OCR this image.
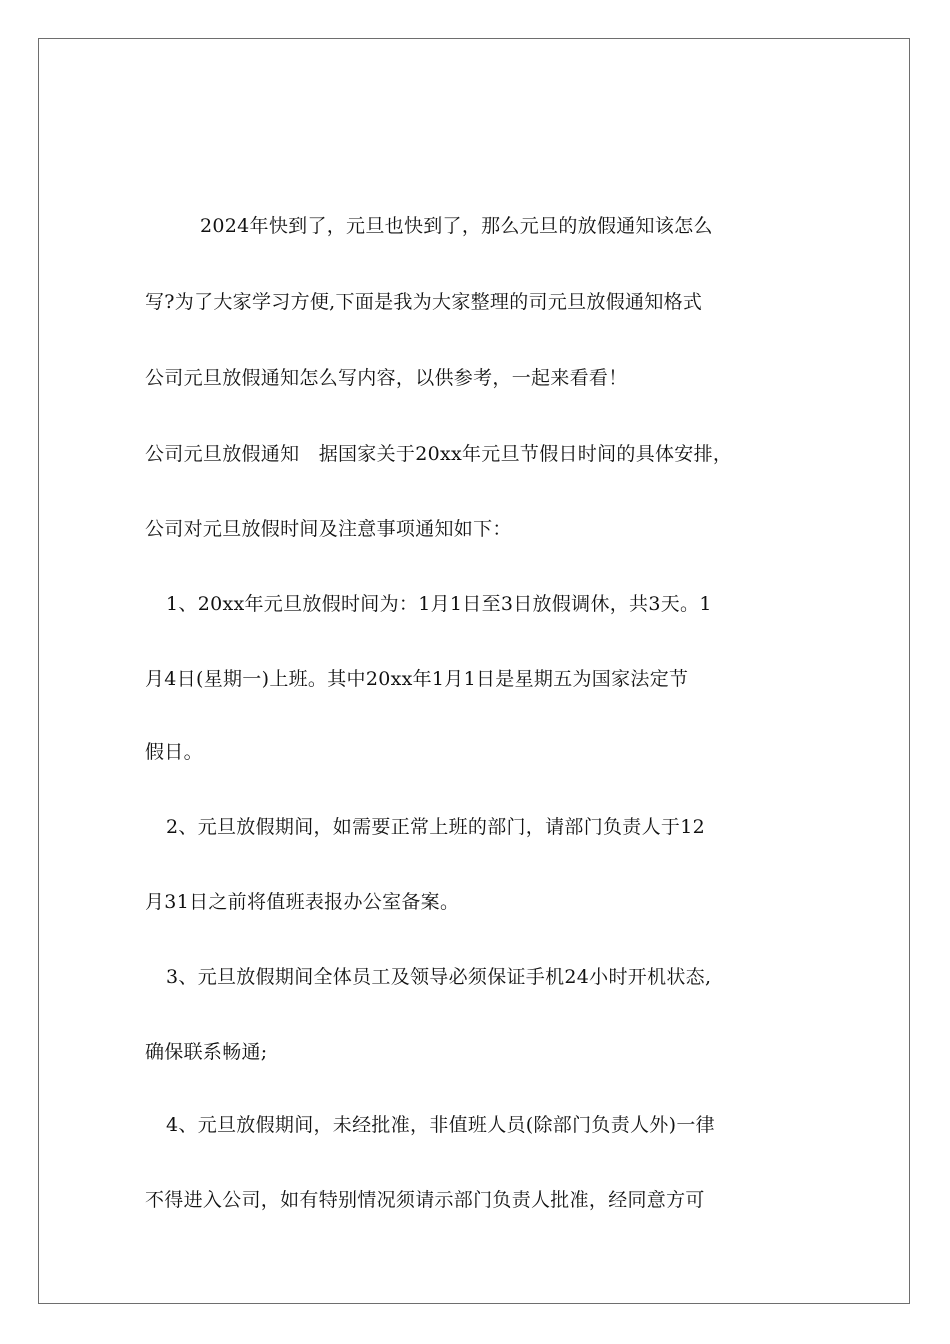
2024年快到了，元旦也快到了，那么元旦的放假通知该怎么
写?为了大家学习方便,下面是我为大家整理的司元旦放假通知格式
公司元旦放假通知怎么写内容，以供参考，一起来看看！
公司元旦放假通知　据国家关于20xx年元旦节假日时间的具体安排，
公司对元旦放假时间及注意事项通知如下：
1、20xx年元旦放假时间为：1月1日至3日放假调休，共3天。1
月4日(星期一)上班。其中20xx年1月1日是星期五为国家法定节
假日。
2、元旦放假期间，如需要正常上班的部门，请部门负责人于12
月31日之前将值班表报办公室备案。
3、元旦放假期间全体员工及领导必须保证手机24小时开机状态,
确保联系畅通;
4、元旦放假期间，未经批准，非值班人员(除部门负责人外)一律
不得进入公司，如有特别情况须请示部门负责人批准，经同意方可
